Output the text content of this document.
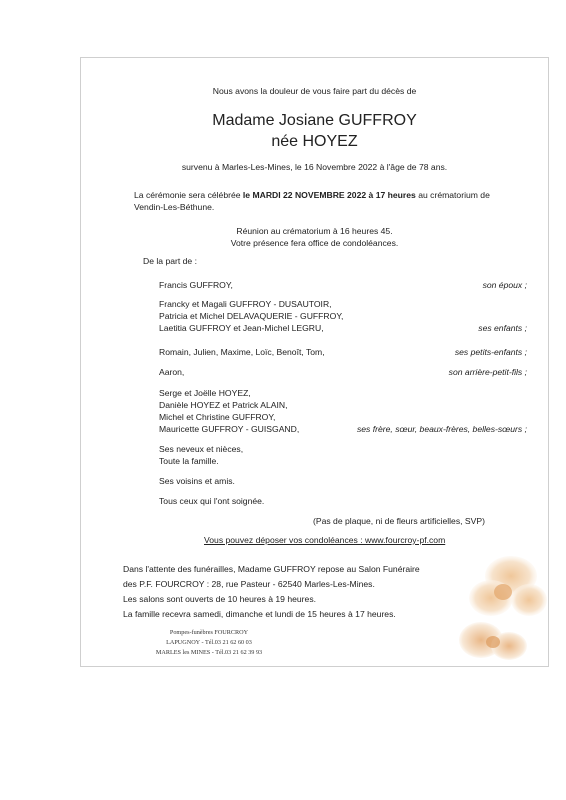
Nous avons la douleur de vous faire part du décès de
Madame Josiane GUFFROY
née HOYEZ
survenu à Marles-Les-Mines, le 16 Novembre 2022 à l'âge de 78 ans.
La cérémonie sera célébrée le MARDI 22 NOVEMBRE 2022 à 17 heures au crématorium de
Vendin-Les-Béthune.
Réunion au crématorium à 16 heures 45.
Votre présence fera office de condoléances.
De la part de :
Francis GUFFROY,	son époux ;
Francky et Magali GUFFROY - DUSAUTOIR,
Patricia et Michel DELAVAQUERIE - GUFFROY,
Laetitia GUFFROY et Jean-Michel LEGRU,	ses enfants ;
Romain, Julien, Maxime, Loïc, Benoît, Tom,	ses petits-enfants ;
Aaron,	son arrière-petit-fils ;
Serge et Joëlle HOYEZ,
Danièle HOYEZ et Patrick ALAIN,
Michel et Christine GUFFROY,
Mauricette GUFFROY - GUISGAND,	ses frère, sœur, beaux-frères, belles-sœurs ;
Ses neveux et nièces,
Toute la famille.
Ses voisins et amis.
Tous ceux qui l'ont soignée.
(Pas de plaque, ni de fleurs artificielles, SVP)
Vous pouvez déposer vos condoléances : www.fourcroy-pf.com
Dans l'attente des funérailles, Madame GUFFROY repose au Salon Funéraire
des P.F. FOURCROY : 28, rue Pasteur - 62540 Marles-Les-Mines.
Les salons sont ouverts de 10 heures à 19 heures.
La famille recevra samedi, dimanche et lundi de 15 heures à 17 heures.
Pompes-funèbres FOURCROY
LAPUGNOY - Tél.03 21 62 60 03
MARLES les MINES - Tél.03 21 62 39 93
